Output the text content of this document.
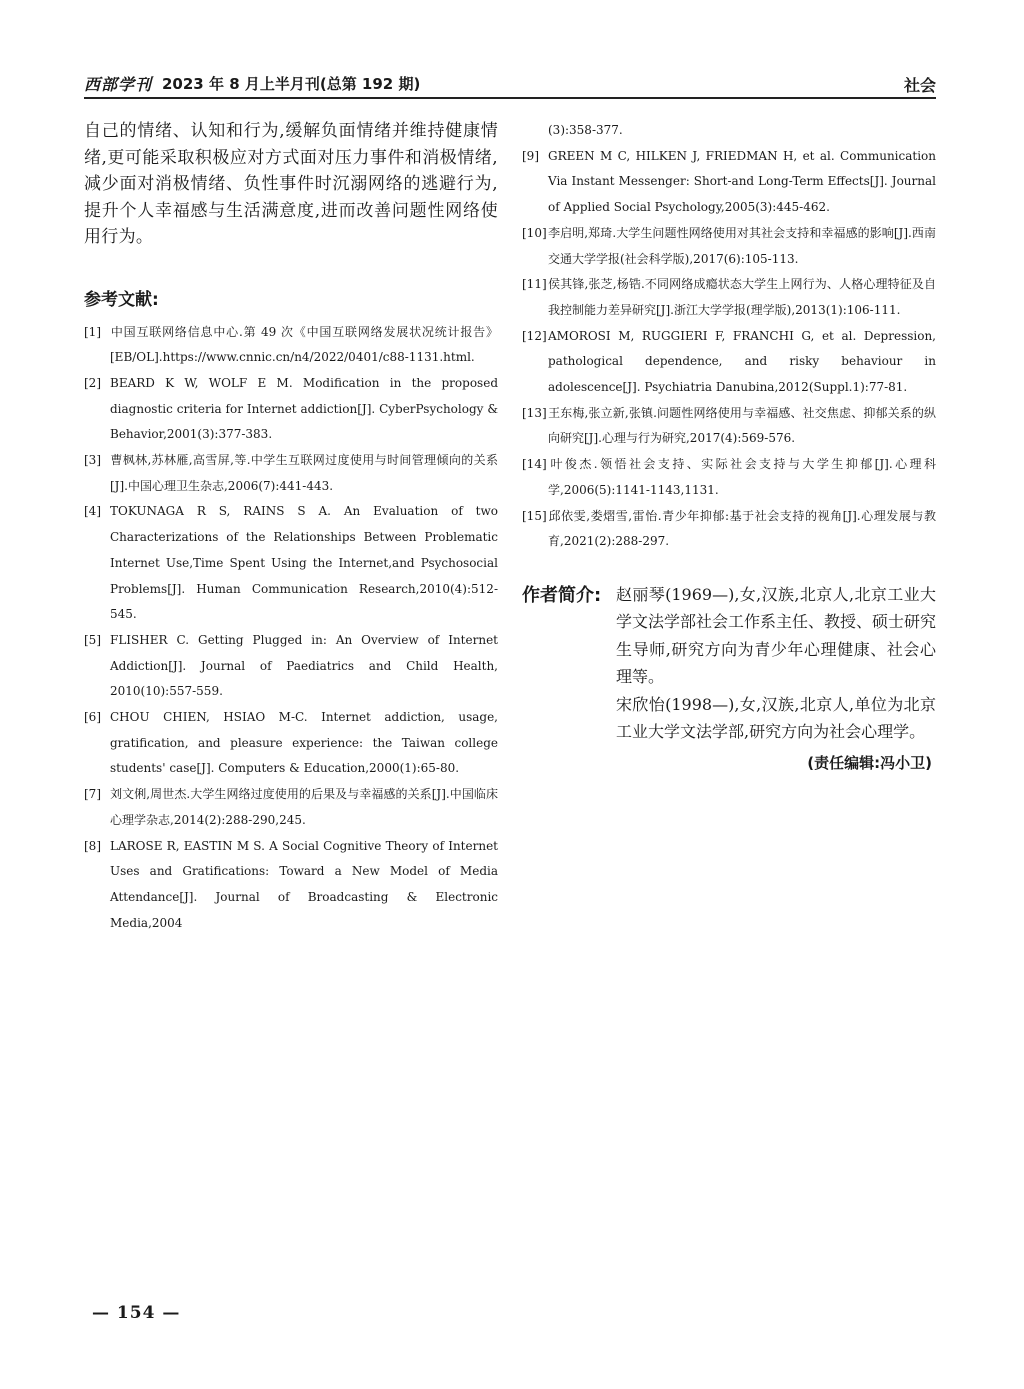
西部学刊 2023 年 8 月上半月刊(总第 192 期)	社会

自己的情绪、认知和行为,缓解负面情绪并维持健康情绪,更可能采取积极应对方式面对压力事件和消极情绪,减少面对消极情绪、负性事件时沉溺网络的逃避行为,提升个人幸福感与生活满意度,进而改善问题性网络使用行为。

参考文献:
[1] 中国互联网络信息中心.第 49 次《中国互联网络发展状况统计报告》[EB/OL].https://www.cnnic.cn/n4/2022/0401/c88-1131.html.
[2] BEARD K W, WOLF E M. Modification in the proposed diagnostic criteria for Internet addiction[J]. CyberPsychology & Behavior,2001(3):377-383.
[3] 曹枫林,苏林雁,高雪屏,等.中学生互联网过度使用与时间管理倾向的关系[J].中国心理卫生杂志,2006(7):441-443.
[4] TOKUNAGA R S, RAINS S A. An Evaluation of two Characterizations of the Relationships Between Problematic Internet Use,Time Spent Using the Internet,and Psychosocial Problems[J]. Human Communication Research,2010(4):512-545.
[5] FLISHER C. Getting Plugged in: An Overview of Internet Addiction[J]. Journal of Paediatrics and Child Health, 2010(10):557-559.
[6] CHOU CHIEN, HSIAO M-C. Internet addiction, usage, gratification, and pleasure experience: the Taiwan college students' case[J]. Computers & Education,2000(1):65-80.
[7] 刘文俐,周世杰.大学生网络过度使用的后果及与幸福感的关系[J].中国临床心理学杂志,2014(2):288-290,245.
[8] LAROSE R, EASTIN M S. A Social Cognitive Theory of Internet Uses and Gratifications: Toward a New Model of Media Attendance[J]. Journal of Broadcasting & Electronic Media,2004
(3):358-377.
[9] GREEN M C, HILKEN J, FRIEDMAN H, et al. Communication Via Instant Messenger: Short-and Long-Term Effects[J]. Journal of Applied Social Psychology,2005(3):445-462.
[10]李启明,郑琦.大学生问题性网络使用对其社会支持和幸福感的影响[J].西南交通大学学报(社会科学版),2017(6):105-113.
[11]侯其锋,张芝,杨锆.不同网络成瘾状态大学生上网行为、人格心理特征及自我控制能力差异研究[J].浙江大学学报(理学版),2013(1):106-111.
[12]AMOROSI M, RUGGIERI F, FRANCHI G, et al. Depression, pathological dependence, and risky behaviour in adolescence[J]. Psychiatria Danubina,2012(Suppl.1):77-81.
[13]王东梅,张立新,张镇.问题性网络使用与幸福感、社交焦虑、抑郁关系的纵向研究[J].心理与行为研究,2017(4):569-576.
[14]叶俊杰.领悟社会支持、实际社会支持与大学生抑郁[J].心理科学,2006(5):1141-1143,1131.
[15]邱依雯,娄熠雪,雷怡.青少年抑郁:基于社会支持的视角[J].心理发展与教育,2021(2):288-297.
作者简介: 赵丽琴(1969—),女,汉族,北京人,北京工业大学文法学部社会工作系主任、教授、硕士研究生导师,研究方向为青少年心理健康、社会心理等。

宋欣怡(1998—),女,汉族,北京人,单位为北京工业大学文法学部,研究方向为社会心理学。

(责任编辑:冯小卫)
— 154 —
